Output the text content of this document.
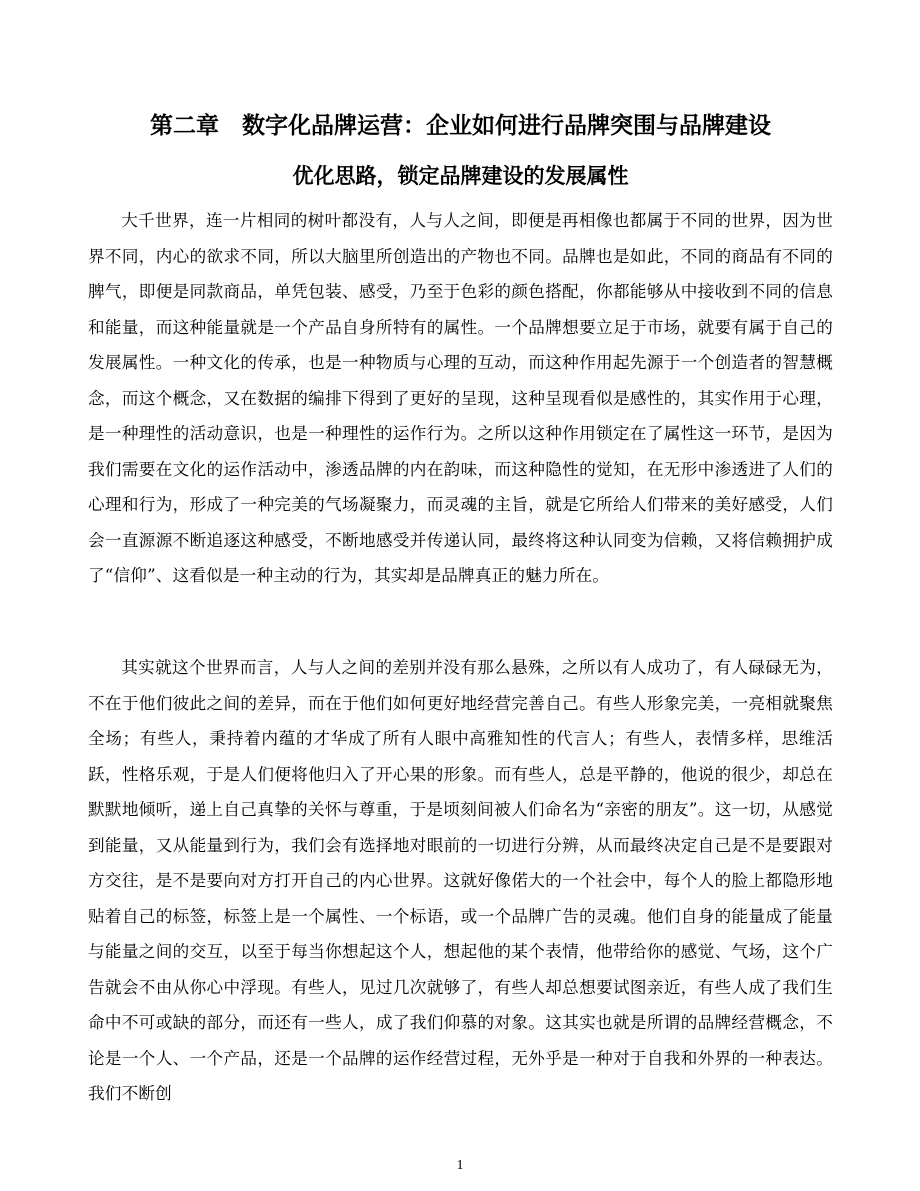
第二章　数字化品牌运营：企业如何进行品牌突围与品牌建设
优化思路，锁定品牌建设的发展属性

大千世界，连一片相同的树叶都没有，人与人之间，即便是再相像也都属于不同的世界，因为世界不同，内心的欲求不同，所以大脑里所创造出的产物也不同。品牌也是如此，不同的商品有不同的脾气，即便是同款商品，单凭包装、感受，乃至于色彩的颜色搭配，你都能够从中接收到不同的信息和能量，而这种能量就是一个产品自身所特有的属性。一个品牌想要立足于市场，就要有属于自己的发展属性。一种文化的传承，也是一种物质与心理的互动，而这种作用起先源于一个创造者的智慧概念，而这个概念，又在数据的编排下得到了更好的呈现，这种呈现看似是感性的，其实作用于心理，是一种理性的活动意识，也是一种理性的运作行为。之所以这种作用锁定在了属性这一环节，是因为我们需要在文化的运作活动中，渗透品牌的内在韵味，而这种隐性的觉知，在无形中渗透进了人们的心理和行为，形成了一种完美的气场凝聚力，而灵魂的主旨，就是它所给人们带来的美好感受，人们会一直源源不断追逐这种感受，不断地感受并传递认同，最终将这种认同变为信赖，又将信赖拥护成了“信仰”、这看似是一种主动的行为，其实却是品牌真正的魅力所在。

其实就这个世界而言，人与人之间的差别并没有那么悬殊，之所以有人成功了，有人碌碌无为，不在于他们彼此之间的差异，而在于他们如何更好地经营完善自己。有些人形象完美，一亮相就聚焦全场；有些人，秉持着内蕴的才华成了所有人眼中高雅知性的代言人；有些人，表情多样，思维活跃，性格乐观，于是人们便将他归入了开心果的形象。而有些人，总是平静的，他说的很少，却总在默默地倾听，递上自己真挚的关怀与尊重，于是顷刻间被人们命名为“亲密的朋友”。这一切，从感觉到能量，又从能量到行为，我们会有选择地对眼前的一切进行分辨，从而最终决定自己是不是要跟对方交往，是不是要向对方打开自己的内心世界。这就好像偌大的一个社会中，每个人的脸上都隐形地贴着自己的标签，标签上是一个属性、一个标语，或一个品牌广告的灵魂。他们自身的能量成了能量与能量之间的交互，以至于每当你想起这个人，想起他的某个表情，他带给你的感觉、气场，这个广告就会不由从你心中浮现。有些人，见过几次就够了，有些人却总想要试图亲近，有些人成了我们生命中不可或缺的部分，而还有一些人，成了我们仰慕的对象。这其实也就是所谓的品牌经营概念，不论是一个人、一个产品，还是一个品牌的运作经营过程，无外乎是一种对于自我和外界的一种表达。我们不断创

1
